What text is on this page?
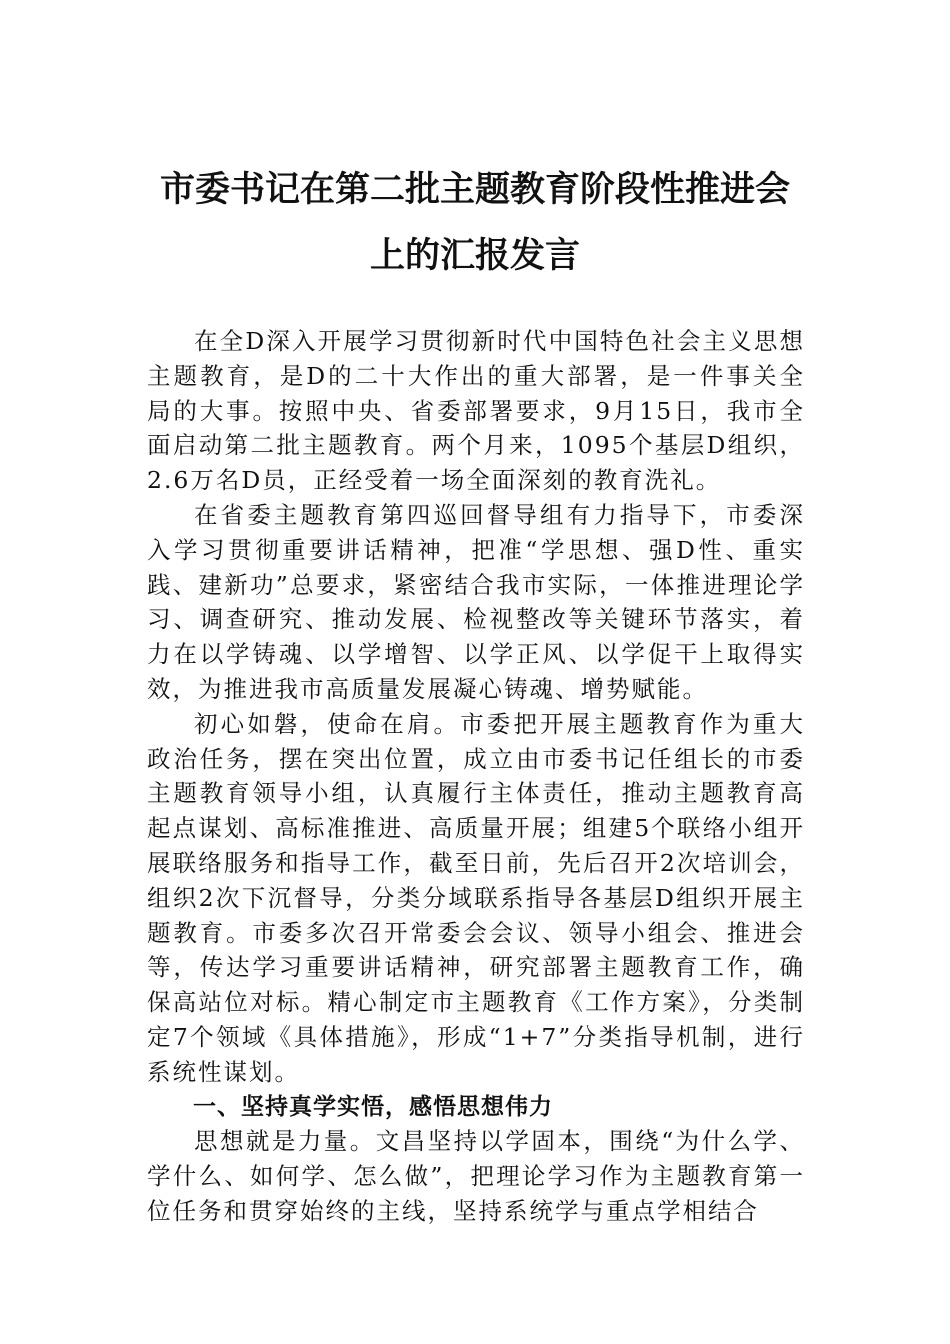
市委书记在第二批主题教育阶段性推进会
上的汇报发言

在全D深入开展学习贯彻新时代中国特色社会主义思想主题教育，是D的二十大作出的重大部署，是一件事关全局的大事。按照中央、省委部署要求，9月15日，我市全面启动第二批主题教育。两个月来，1095个基层D组织，2.6万名D员，正经受着一场全面深刻的教育洗礼。

在省委主题教育第四巡回督导组有力指导下，市委深入学习贯彻重要讲话精神，把准“学思想、强D性、重实践、建新功”总要求，紧密结合我市实际，一体推进理论学习、调查研究、推动发展、检视整改等关键环节落实，着力在以学铸魂、以学增智、以学正风、以学促干上取得实效，为推进我市高质量发展凝心铸魂、增势赋能。

初心如磐，使命在肩。市委把开展主题教育作为重大政治任务，摆在突出位置，成立由市委书记任组长的市委主题教育领导小组，认真履行主体责任，推动主题教育高起点谋划、高标准推进、高质量开展；组建5个联络小组开展联络服务和指导工作，截至日前，先后召开2次培训会，组织2次下沉督导，分类分域联系指导各基层D组织开展主题教育。市委多次召开常委会会议、领导小组会、推进会等，传达学习重要讲话精神，研究部署主题教育工作，确保高站位对标。精心制定市主题教育《工作方案》，分类制定7个领域《具体措施》，形成“1+7”分类指导机制，进行系统性谋划。

一、坚持真学实悟，感悟思想伟力

思想就是力量。文昌坚持以学固本，围绕“为什么学、学什么、如何学、怎么做”，把理论学习作为主题教育第一位任务和贯穿始终的主线，坚持系统学与重点学相结合
